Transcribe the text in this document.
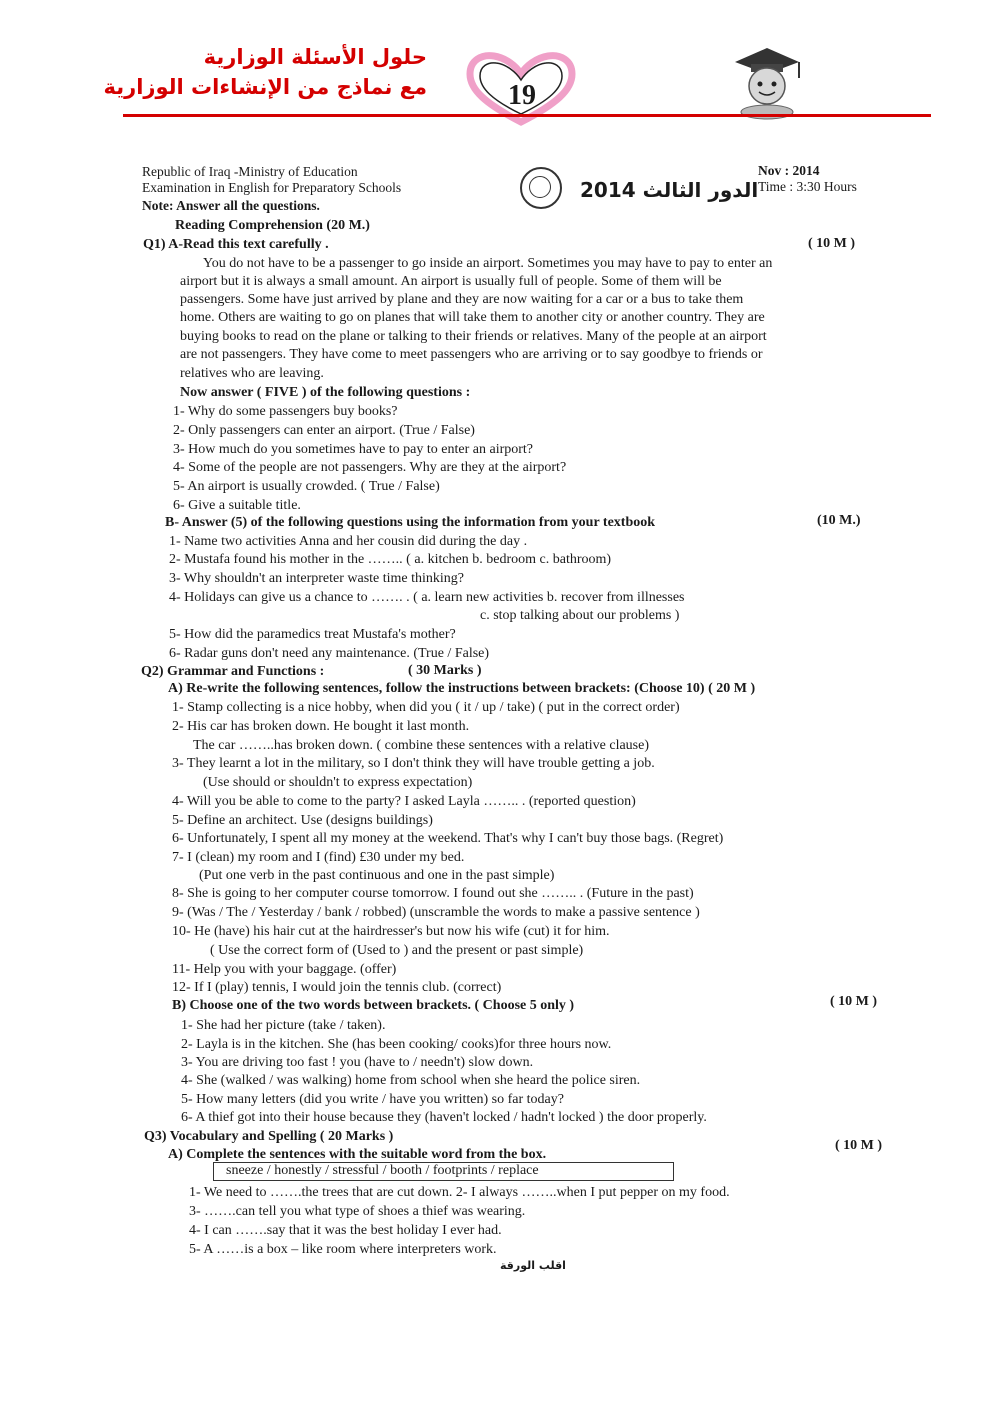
حلول الأسئلة الوزارية
مع نماذج من الإنشاءات الوزارية	19
Republic of Iraq -Ministry of Education
Examination in English for Preparatory Schools
Note: Answer all the questions.
الدور الثالث 2014
Nov : 2014
Time : 3:30 Hours
Reading Comprehension (20 M.)
Q1) A-Read this text carefully .	( 10 M )
You do not have to be a passenger to go inside an airport. Sometimes you may have to pay to enter an
airport but it is always a small amount. An airport is usually full of people. Some of them will be
passengers. Some have just arrived by plane and they are now waiting for a car or a bus to take them
home. Others are waiting to go on planes that will take them to another city or another country. They are
buying books to read on the plane or talking to their friends or relatives. Many of the people at an airport
are not passengers. They have come to meet passengers who are arriving or to say goodbye to friends or
relatives who are leaving.
Now answer ( FIVE ) of the following questions :
1- Why do some passengers buy books?
2- Only passengers can enter an airport. (True / False)
3- How much do you sometimes have to pay to enter an airport?
4- Some of the people are not passengers. Why are they at the airport?
5- An airport is usually crowded. ( True / False)
6- Give a suitable title.
B- Answer (5) of the following questions using the information from your textbook	(10 M.)
1- Name two activities Anna and her cousin did during the day .
2- Mustafa found his mother in the …….. ( a. kitchen b. bedroom c. bathroom)
3- Why shouldn't an interpreter waste time thinking?
4- Holidays can give us a chance to ……. . ( a. learn new activities b. recover from illnesses
c. stop talking about our problems )
5- How did the paramedics treat Mustafa's mother?
6- Radar guns don't need any maintenance. (True / False)
Q2) Grammar and Functions :	( 30 Marks )
A) Re-write the following sentences, follow the instructions between brackets: (Choose 10) ( 20 M )
1- Stamp collecting is a nice hobby, when did you ( it / up / take) ( put in the correct order)
2- His car has broken down. He bought it last month.
The car ……..has broken down. ( combine these sentences with a relative clause)
3- They learnt a lot in the military, so I don't think they will have trouble getting a job.
(Use should or shouldn't to express expectation)
4- Will you be able to come to the party? I asked Layla …….. . (reported question)
5- Define an architect. Use (designs buildings)
6- Unfortunately, I spent all my money at the weekend. That's why I can't buy those bags. (Regret)
7- I (clean) my room and I (find) £30 under my bed.
(Put one verb in the past continuous and one in the past simple)
8- She is going to her computer course tomorrow. I found out she …….. . (Future in the past)
9- (Was / The / Yesterday / bank / robbed) (unscramble the words to make a passive sentence )
10- He (have) his hair cut at the hairdresser's but now his wife (cut) it for him.
( Use the correct form of (Used to ) and the present or past simple)
11- Help you with your baggage. (offer)
12- If I (play) tennis, I would join the tennis club. (correct)
B) Choose one of the two words between brackets. ( Choose 5 only )	( 10 M )
1- She had her picture (take / taken).
2- Layla is in the kitchen. She (has been cooking/ cooks)for three hours now.
3- You are driving too fast ! you (have to / needn't) slow down.
4- She (walked / was walking) home from school when she heard the police siren.
5- How many letters (did you write / have you written) so far today?
6- A thief got into their house because they (haven't locked / hadn't locked ) the door properly.
Q3) Vocabulary and Spelling ( 20 Marks )
A) Complete the sentences with the suitable word from the box.
( 10 M )
sneeze / honestly / stressful / booth / footprints / replace
1- We need to …….the trees that are cut down. 2- I always ……..when I put pepper on my food.
3- …….can tell you what type of shoes a thief was wearing.
4- I can …….say that it was the best holiday I ever had.
5- A ……is a box – like room where interpreters work.
اقلب الورقة
